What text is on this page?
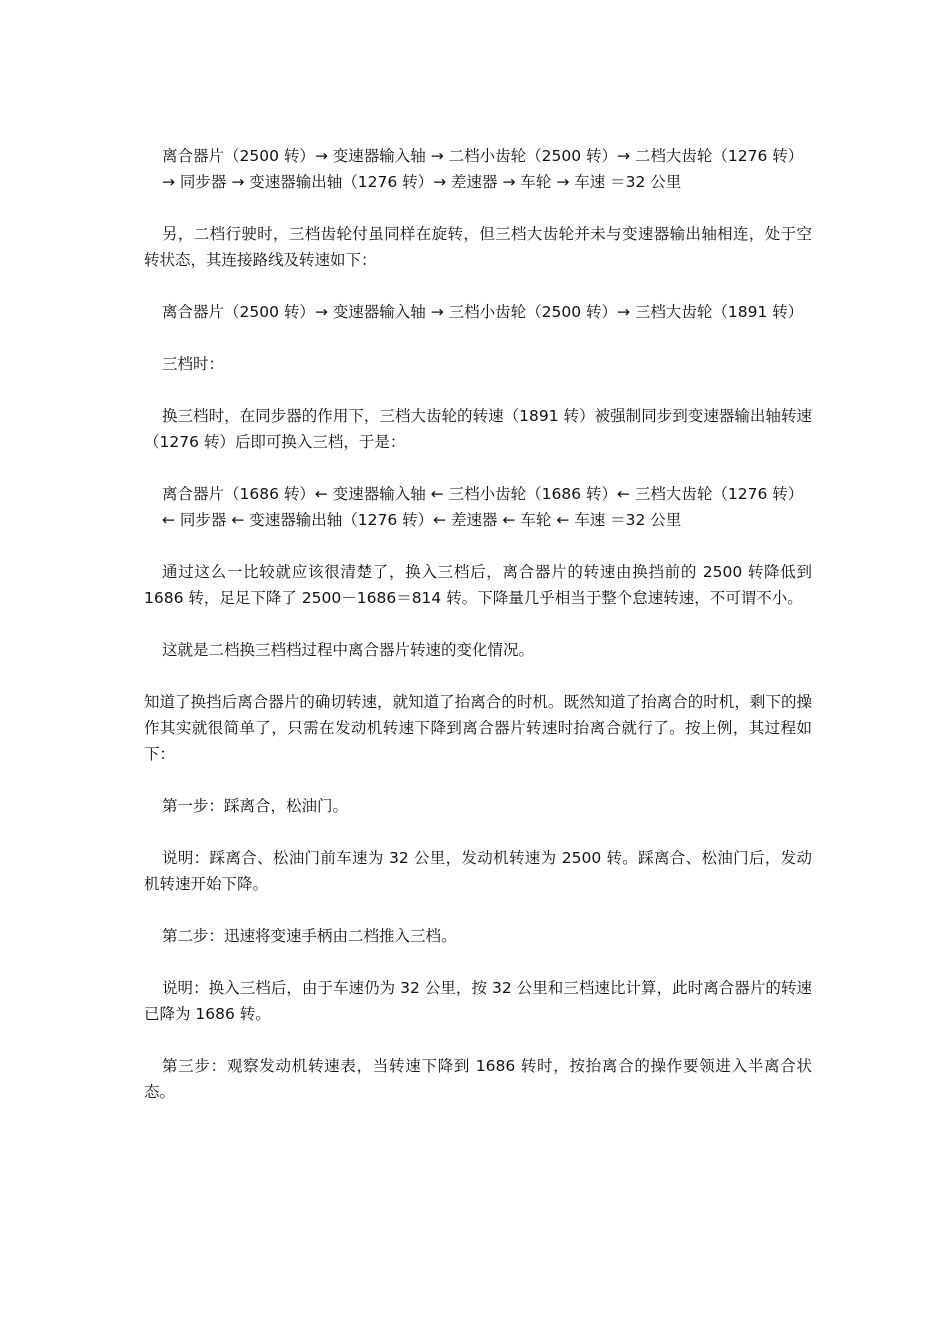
离合器片（2500 转）→ 变速器输入轴 → 二档小齿轮（2500 转）→ 二档大齿轮（1276 转）
→ 同步器 → 变速器输出轴（1276 转）→ 差速器 → 车轮 → 车速 ＝32 公里

另，二档行驶时，三档齿轮付虽同样在旋转，但三档大齿轮并未与变速器输出轴相连，处于空转状态，其连接路线及转速如下：

离合器片（2500 转）→ 变速器输入轴 → 三档小齿轮（2500 转）→ 三档大齿轮（1891 转）

三档时：

换三档时，在同步器的作用下，三档大齿轮的转速（1891 转）被强制同步到变速器输出轴转速（1276 转）后即可换入三档，于是：

离合器片（1686 转）← 变速器输入轴 ← 三档小齿轮（1686 转）← 三档大齿轮（1276 转）
← 同步器 ← 变速器输出轴（1276 转）← 差速器 ← 车轮 ← 车速 ＝32 公里

通过这么一比较就应该很清楚了，换入三档后，离合器片的转速由换挡前的 2500 转降低到 1686 转，足足下降了 2500－1686＝814 转。下降量几乎相当于整个怠速转速，不可谓不小。

这就是二档换三档档过程中离合器片转速的变化情况。

知道了换挡后离合器片的确切转速，就知道了抬离合的时机。既然知道了抬离合的时机，剩下的操作其实就很简单了，只需在发动机转速下降到离合器片转速时抬离合就行了。按上例，其过程如下：

第一步：踩离合，松油门。

说明：踩离合、松油门前车速为 32 公里，发动机转速为 2500 转。踩离合、松油门后，发动机转速开始下降。

第二步：迅速将变速手柄由二档推入三档。

说明：换入三档后，由于车速仍为 32 公里，按 32 公里和三档速比计算，此时离合器片的转速已降为 1686 转。

第三步：观察发动机转速表，当转速下降到 1686 转时，按抬离合的操作要领进入半离合状态。
